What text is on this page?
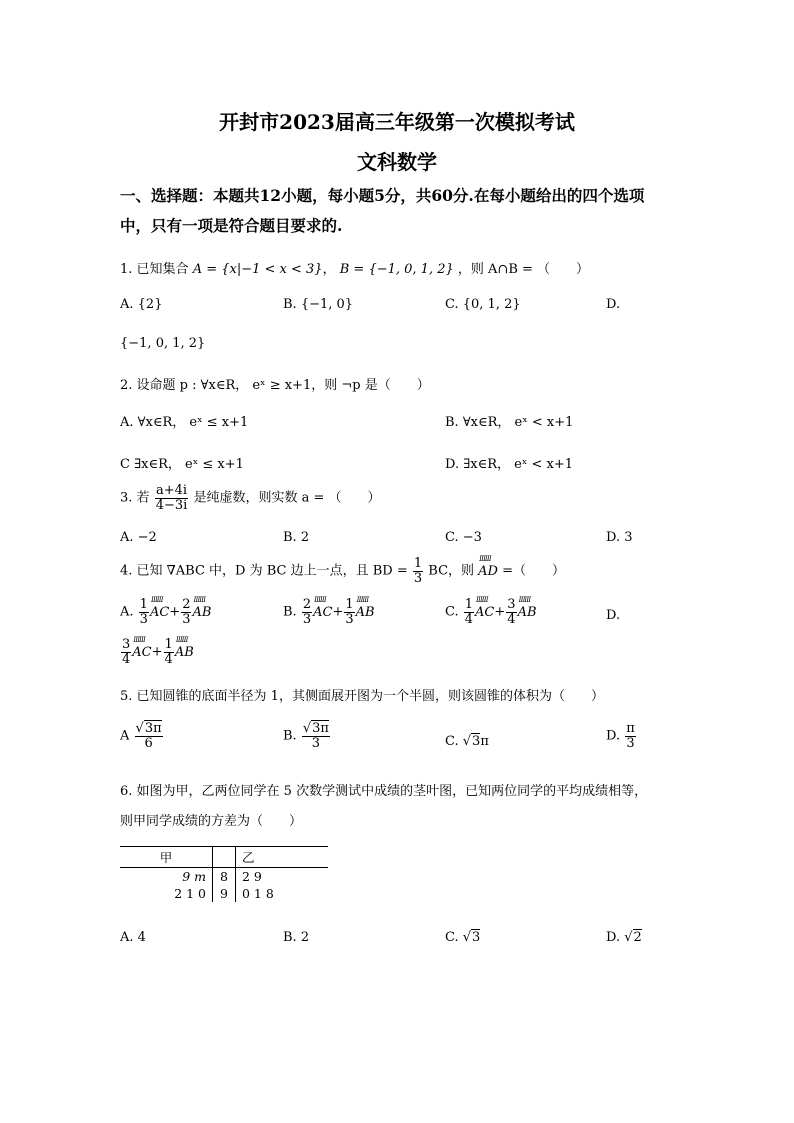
开封市2023届高三年级第一次模拟考试
文科数学
一、选择题：本题共12小题，每小题5分，共60分.在每小题给出的四个选项
中，只有一项是符合题目要求的.
1. 已知集合 A = {x|−1 < x < 3}， B = {−1, 0, 1, 2} ，则 A∩B = （　　）
A. {2}	B. {−1, 0}	C. {0, 1, 2}	D.
{−1, 0, 1, 2}
2. 设命题 p : ∀x∈R， eˣ ≥ x+1，则 ¬p 是（　　）
A. ∀x∈R， eˣ ≤ x+1	B. ∀x∈R， eˣ < x+1
C ∃x∈R， eˣ ≤ x+1	D. ∃x∈R， eˣ < x+1
3. 若 $\frac{a+4i}{4-3i}$ 是纯虚数，则实数 a = （　　）
A. −2	B. 2	C. −3	D. 3
4. 已知 ∇ABC 中，D 为 BC 边上一点，且 BD = $\frac{1}{3}$ BC，则 ⅢⅢ AD =（　　）
A. $\frac{1}{3}$ ⅢⅢ $AC+ \frac{2}{3}$ ⅢⅢ AB	B. $\frac{2}{3}$ ⅢⅢ $AC+ \frac{1}{3}$ ⅢⅢ AB	C. $\frac{1}{4}$ ⅢⅢ $AC+ \frac{3}{4}$ ⅢⅢ AB	D.
$\frac{3}{4}$ ⅢⅢ $AC+ \frac{1}{4}$ ⅢⅢ AB
5. 已知圆锥的底面半径为 1，其侧面展开图为一个半圆，则该圆锥的体积为（　　）
A $\frac{√3\pi}{6}$	B. $\frac{√3\pi}{3}$	C. √3π	D. $\frac{\pi}{3}$
6. 如图为甲，乙两位同学在 5 次数学测试中成绩的茎叶图，已知两位同学的平均成绩相等，
则甲同学成绩的方差为（　　）
甲		乙
9 m	8	2 9
2 1 0	9	0 1 8
A. 4	B. 2	C. √3	D. √2
